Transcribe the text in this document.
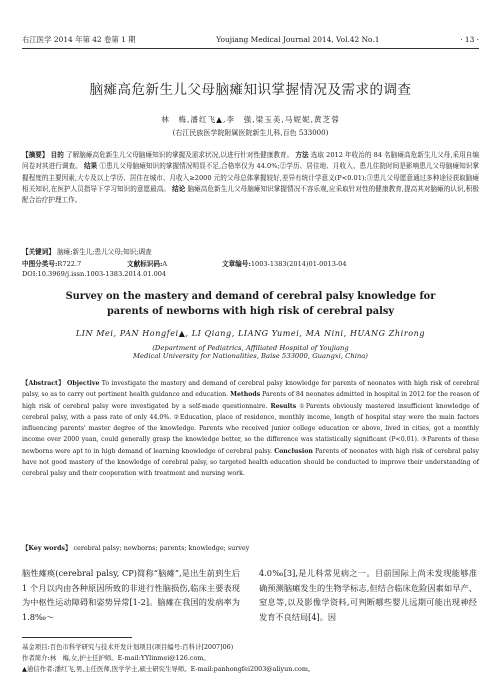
右江医学 2014 年第 42 卷第 1 期	Youjiang Medical Journal 2014, Vol.42 No.1	· 13 ·
脑瘫高危新生儿父母脑瘫知识掌握情况及需求的调查
林　梅,潘红飞▲,李　强,梁玉美,马妮妮,黄芝蓉
(右江民族医学院附属医院新生儿科,百色 533000)
【摘要】 目的 了解脑瘫高危新生儿父母脑瘫知识的掌握及需求状况,以进行针对性健康教育。 方法 选取 2012 年收治的 84 名脑瘫高危新生儿父母,采用自编问卷对其进行调查。 结果 ①患儿父母脑瘫知识的掌握情况明显不足,合格率仅为 44.0%;②学历、居住地、月收入、患儿住院时间是影响患儿父母脑瘫知识掌握程度的主要因素,大专及以上学历、居住在城市、月收入≥2000 元的父母总体掌握较好,差异有统计学意义(P<0.01);③患儿父母愿意通过多种途径获取脑瘫相关知识,在医护人员指导下学习知识的意愿最高。 结论 脑瘫高危新生儿父母脑瘫知识掌握情况不容乐观,应采取针对性的健康教育,提高其对脑瘫的认识,积极配合治疗护理工作。
【关键词】 脑瘫;新生儿;患儿父母;知识;调查
中图分类号:R722.7	文献标识码:A	文章编号:1003-1383(2014)01-0013-04
DOI:10.3969/j.issn.1003-1383.2014.01.004
Survey on the mastery and demand of cerebral palsy knowledge for
parents of newborns with high risk of cerebral palsy
LIN Mei, PAN Hongfei▲, LI Qiang, LIANG Yumei, MA Nini, HUANG Zhirong
(Department of Pediatrics, Affiliated Hospital of Youjiang
Medical University for Nationalities, Baise 533000, Guangxi, China)
【Abstract】 Objective To investigate the mastery and demand of cerebral palsy knowledge for parents of neonates with high risk of cerebral palsy, so as to carry out pertinent health guidance and education. Methods Parents of 84 neonates admitted in hospital in 2012 for the reason of high risk of cerebral palsy were investigated by a self-made questionnaire. Results ①Parents obviously mastered insufficient knowledge of cerebral palsy, with a pass rate of only 44.0%. ②Education, place of residence, monthly income, length of hospital stay were the main factors influencing parents' master degree of the knowledge. Parents who received junior college education or above, lived in cities, got a monthly income over 2000 yuan, could generally grasp the knowledge better, so the difference was statistically significant (P<0.01). ③Parents of these newborns were apt to in high demand of learning knowledge of cerebral palsy. Conclusion Parents of neonates with high risk of cerebral palsy have not good mastery of the knowledge of cerebral palsy, so targeted health education should be conducted to improve their understanding of cerebral palsy and their cooperation with treatment and nursing work.
【Key words】 cerebral palsy; newborns; parents; knowledge; survey
脑性瘫痪(cerebral palsy, CP)简称“脑瘫”,是出生前到生后 1 个月以内由各种原因所致的非进行性脑损伤,临床主要表现为中枢性运动障碍和姿势异常[1-2]。脑瘫在我国的发病率为 1.8‰～
4.0‰[3],是儿科常见病之一。目前国际上尚未发现能够准确预测脑瘫发生的生物学标志,但结合临床危险因素如早产、窒息等,以及影像学资料,可判断哪些婴儿远期可能出现神经发育不良结局[4]。因
基金项目:百色市科学研究与技术开发计划项目(项目编号:百科计[2007]06)
作者简介:林　梅,女,护士任护师。E-mail:YYlinmei@126.com。
▲通信作者:潘红飞,男,主任医师,医学学士,硕士研究生导师。E-mail:panhongfei2003@aliyun.com。
